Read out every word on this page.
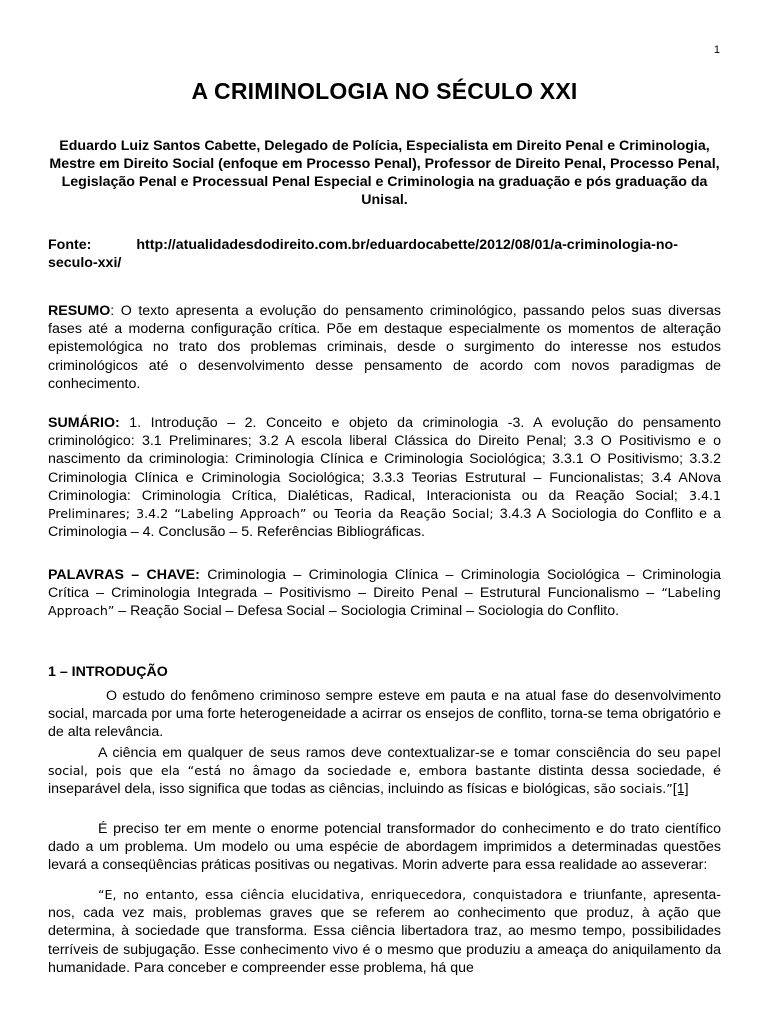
1
A CRIMINOLOGIA NO SÉCULO XXI
Eduardo Luiz Santos Cabette, Delegado de Polícia, Especialista em Direito Penal e Criminologia, Mestre em Direito Social (enfoque em Processo Penal), Professor de Direito Penal, Processo Penal, Legislação Penal e Processual Penal Especial e Criminologia na graduação e pós graduação da Unisal.
Fonte:	http://atualidadesdodireito.com.br/eduardocabette/2012/08/01/a-criminologia-no-seculo-xxi/
RESUMO: O texto apresenta a evolução do pensamento criminológico, passando pelos suas diversas fases até a moderna configuração crítica. Põe em destaque especialmente os momentos de alteração epistemológica no trato dos problemas criminais, desde o surgimento do interesse nos estudos criminológicos até o desenvolvimento desse pensamento de acordo com novos paradigmas de conhecimento.
SUMÁRIO: 1. Introdução – 2. Conceito e objeto da criminologia -3. A evolução do pensamento criminológico: 3.1 Preliminares; 3.2 A escola liberal Clássica do Direito Penal; 3.3 O Positivismo e o nascimento da criminologia: Criminologia Clínica e Criminologia Sociológica; 3.3.1 O Positivismo; 3.3.2 Criminologia Clínica e Criminologia Sociológica; 3.3.3 Teorias Estrutural – Funcionalistas; 3.4 ANova Criminologia: Criminologia Crítica, Dialéticas, Radical, Interacionista ou da Reação Social; 3.4.1 Preliminares; 3.4.2 “Labeling Approach” ou Teoria da Reação Social; 3.4.3 A Sociologia do Conflito e a Criminologia – 4. Conclusão – 5. Referências Bibliográficas.
PALAVRAS – CHAVE: Criminologia – Criminologia Clínica – Criminologia Sociológica – Criminologia Crítica – Criminologia Integrada – Positivismo – Direito Penal – Estrutural Funcionalismo – “Labeling Approach” – Reação Social – Defesa Social – Sociologia Criminal – Sociologia do Conflito.
1 – INTRODUÇÃO
O estudo do fenômeno criminoso sempre esteve em pauta e na atual fase do desenvolvimento social, marcada por uma forte heterogeneidade a acirrar os ensejos de conflito, torna-se tema obrigatório e de alta relevância.
A ciência em qualquer de seus ramos deve contextualizar-se e tomar consciência do seu papel social, pois que ela “está no âmago da sociedade e, embora bastante distinta dessa sociedade, é inseparável dela, isso significa que todas as ciências, incluindo as físicas e biológicas, são sociais.”[1]
É preciso ter em mente o enorme potencial transformador do conhecimento e do trato científico dado a um problema. Um modelo ou uma espécie de abordagem imprimidos a determinadas questões levará a conseqüências práticas positivas ou negativas. Morin adverte para essa realidade ao asseverar:
“E, no entanto, essa ciência elucidativa, enriquecedora, conquistadora e triunfante, apresenta- nos, cada vez mais, problemas graves que se referem ao conhecimento que produz, à ação que determina, à sociedade que transforma. Essa ciência libertadora traz, ao mesmo tempo, possibilidades terríveis de subjugação. Esse conhecimento vivo é o mesmo que produziu a ameaça do aniquilamento da humanidade. Para conceber e compreender esse problema, há que
